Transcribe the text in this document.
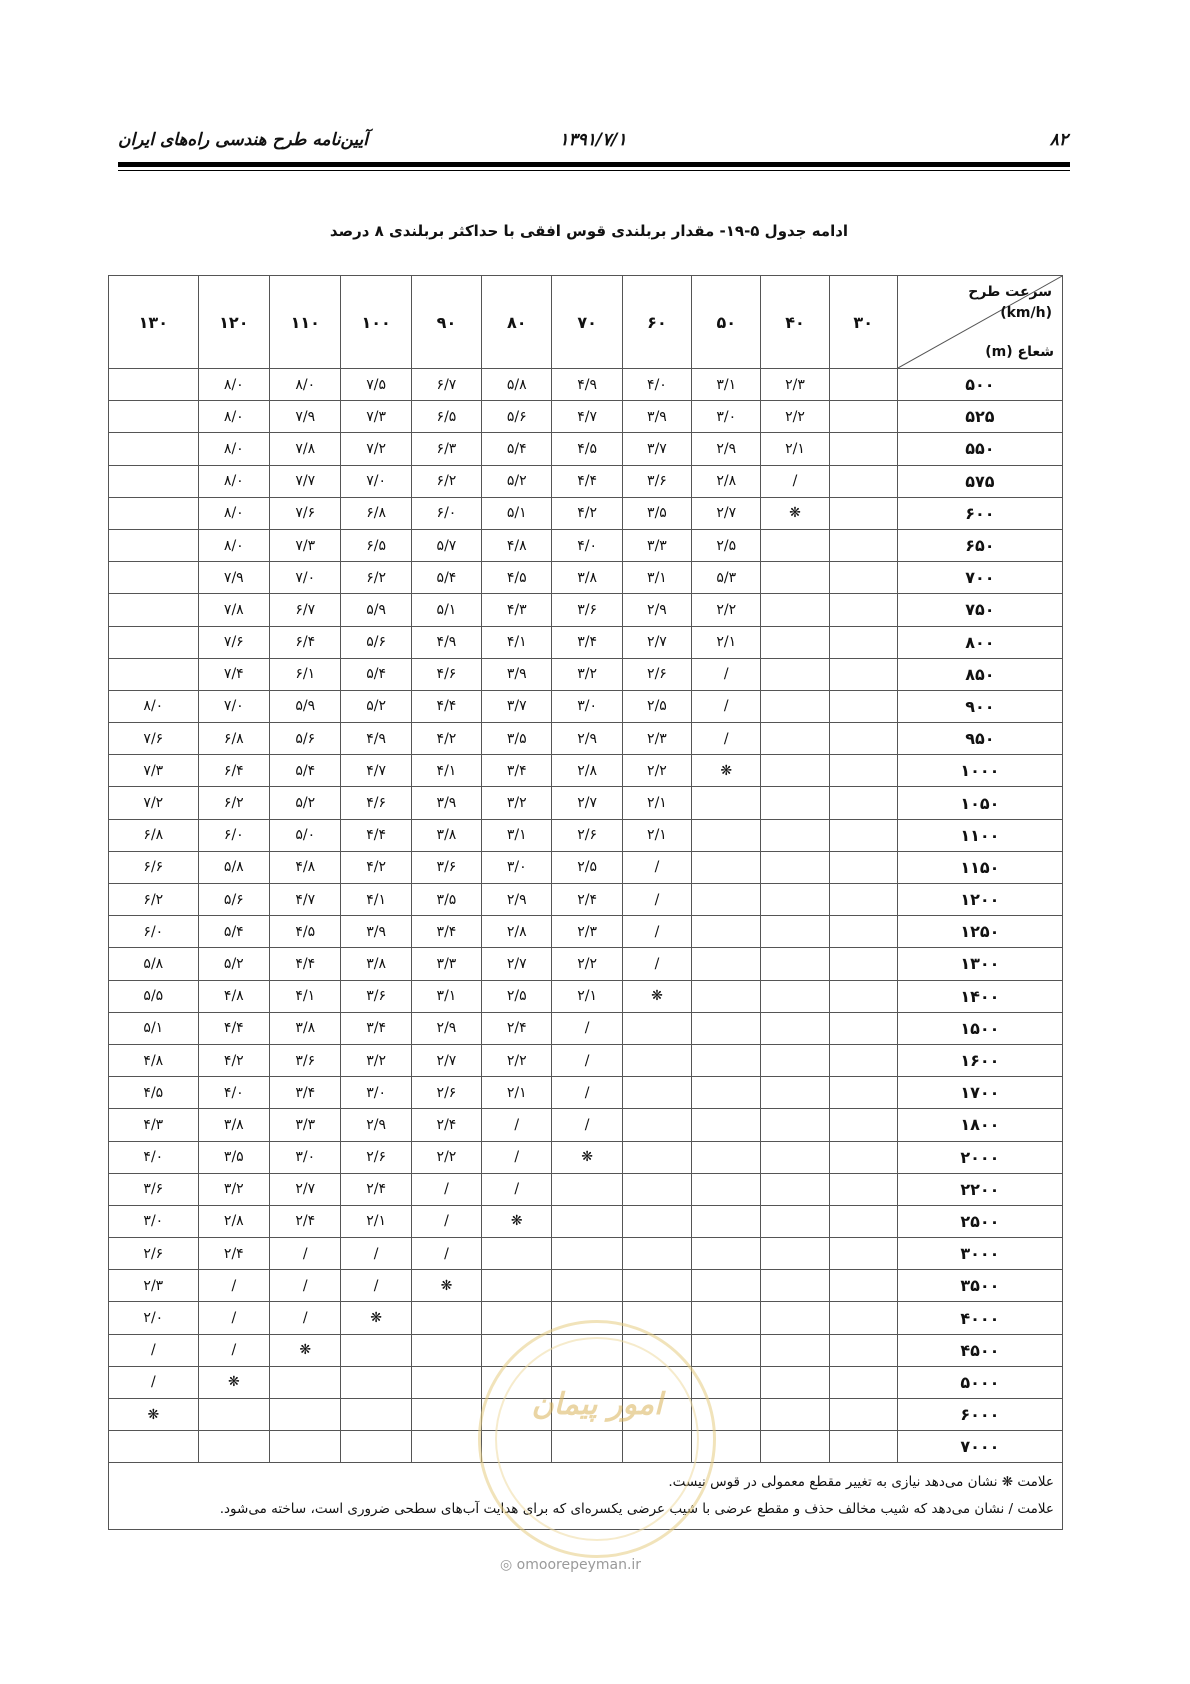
۸۲
۱۳۹۱/۷/۱
آیین‌نامه طرح هندسی راه‌های ایران
ادامه جدول ۵-۱۹- مقدار بربلندی قوس افقی با حداکثر بربلندی ۸ درصد
سرعت طرح
(km/h)
شعاع (m)	۳۰	۴۰	۵۰	۶۰	۷۰	۸۰	۹۰	۱۰۰	۱۱۰	۱۲۰	۱۳۰
۵۰۰		۲/۳	۳/۱	۴/۰	۴/۹	۵/۸	۶/۷	۷/۵	۸/۰	۸/۰	
۵۲۵		۲/۲	۳/۰	۳/۹	۴/۷	۵/۶	۶/۵	۷/۳	۷/۹	۸/۰	
۵۵۰		۲/۱	۲/۹	۳/۷	۴/۵	۵/۴	۶/۳	۷/۲	۷/۸	۸/۰	
۵۷۵		/	۲/۸	۳/۶	۴/۴	۵/۲	۶/۲	۷/۰	۷/۷	۸/۰	
۶۰۰		❋	۲/۷	۳/۵	۴/۲	۵/۱	۶/۰	۶/۸	۷/۶	۸/۰	
۶۵۰			۲/۵	۳/۳	۴/۰	۴/۸	۵/۷	۶/۵	۷/۳	۸/۰	
۷۰۰			۵/۳	۳/۱	۳/۸	۴/۵	۵/۴	۶/۲	۷/۰	۷/۹	
۷۵۰			۲/۲	۲/۹	۳/۶	۴/۳	۵/۱	۵/۹	۶/۷	۷/۸	
۸۰۰			۲/۱	۲/۷	۳/۴	۴/۱	۴/۹	۵/۶	۶/۴	۷/۶	
۸۵۰			/	۲/۶	۳/۲	۳/۹	۴/۶	۵/۴	۶/۱	۷/۴	
۹۰۰			/	۲/۵	۳/۰	۳/۷	۴/۴	۵/۲	۵/۹	۷/۰	۸/۰
۹۵۰			/	۲/۳	۲/۹	۳/۵	۴/۲	۴/۹	۵/۶	۶/۸	۷/۶
۱۰۰۰			❋	۲/۲	۲/۸	۳/۴	۴/۱	۴/۷	۵/۴	۶/۴	۷/۳
۱۰۵۰				۲/۱	۲/۷	۳/۲	۳/۹	۴/۶	۵/۲	۶/۲	۷/۲
۱۱۰۰				۲/۱	۲/۶	۳/۱	۳/۸	۴/۴	۵/۰	۶/۰	۶/۸
۱۱۵۰				/	۲/۵	۳/۰	۳/۶	۴/۲	۴/۸	۵/۸	۶/۶
۱۲۰۰				/	۲/۴	۲/۹	۳/۵	۴/۱	۴/۷	۵/۶	۶/۲
۱۲۵۰				/	۲/۳	۲/۸	۳/۴	۳/۹	۴/۵	۵/۴	۶/۰
۱۳۰۰				/	۲/۲	۲/۷	۳/۳	۳/۸	۴/۴	۵/۲	۵/۸
۱۴۰۰				❋	۲/۱	۲/۵	۳/۱	۳/۶	۴/۱	۴/۸	۵/۵
۱۵۰۰					/	۲/۴	۲/۹	۳/۴	۳/۸	۴/۴	۵/۱
۱۶۰۰					/	۲/۲	۲/۷	۳/۲	۳/۶	۴/۲	۴/۸
۱۷۰۰					/	۲/۱	۲/۶	۳/۰	۳/۴	۴/۰	۴/۵
۱۸۰۰					/	/	۲/۴	۲/۹	۳/۳	۳/۸	۴/۳
۲۰۰۰					❋	/	۲/۲	۲/۶	۳/۰	۳/۵	۴/۰
۲۲۰۰						/	/	۲/۴	۲/۷	۳/۲	۳/۶
۲۵۰۰						❋	/	۲/۱	۲/۴	۲/۸	۳/۰
۳۰۰۰							/	/	/	۲/۴	۲/۶
۳۵۰۰							❋	/	/	/	۲/۳
۴۰۰۰								❋	/	/	۲/۰
۴۵۰۰									❋	/	/
۵۰۰۰										❋	/
۶۰۰۰											❋
۷۰۰۰											

علامت ❋ نشان می‌دهد نیازی به تغییر مقطع معمولی در قوس نیست.
علامت / نشان می‌دهد که شیب مخالف حذف و مقطع عرضی با شیب عرضی یکسره‌ای که برای هدایت آب‌های سطحی ضروری است، ساخته می‌شود.											
امور پیمان
◎ omoorepeyman.ir
